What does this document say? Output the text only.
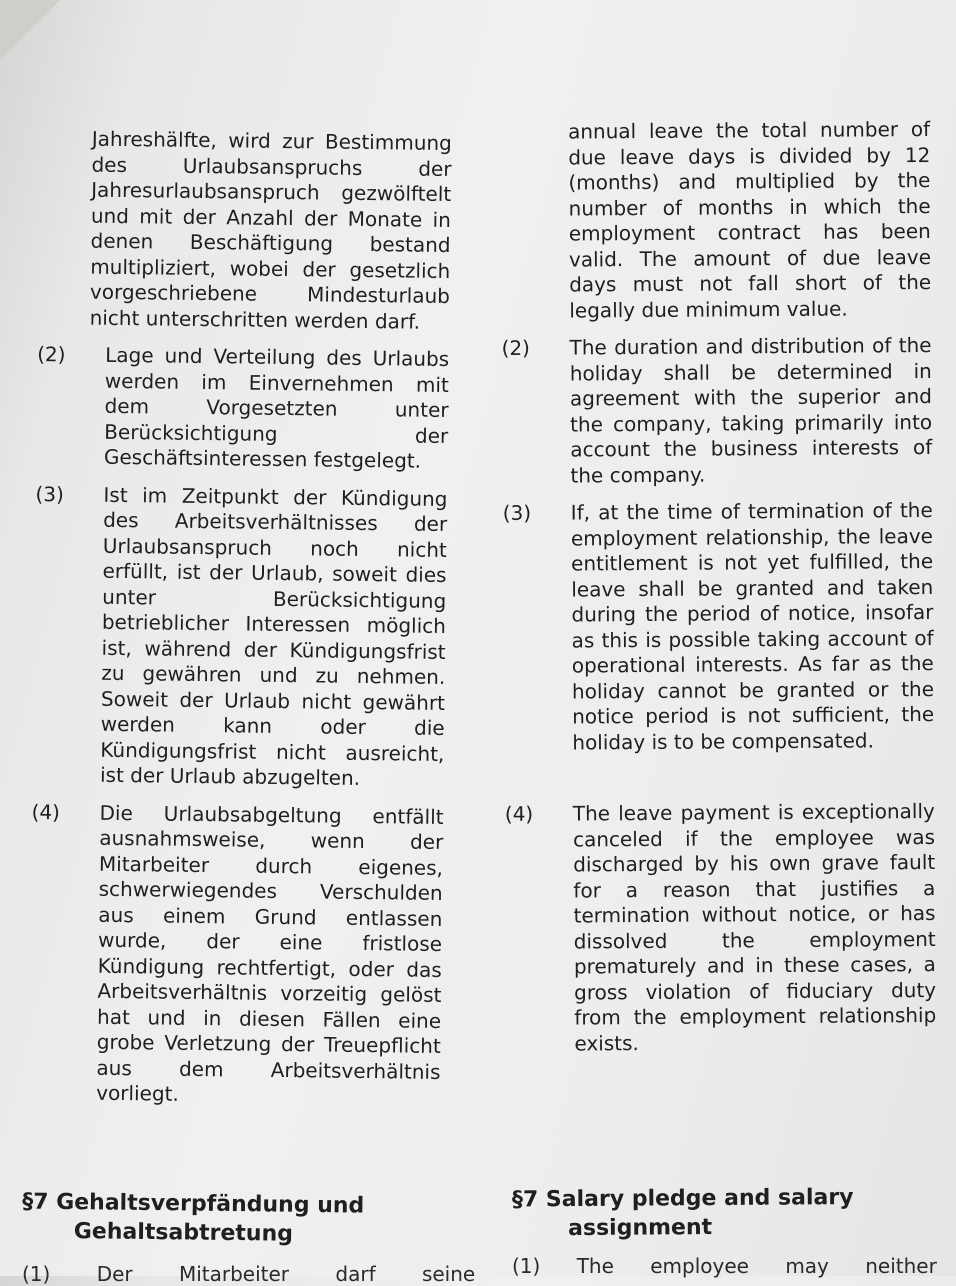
Jahreshälfte, wird zur Bestimmung des Urlaubsanspruchs der Jahresurlaubsanspruch gezwölftelt und mit der Anzahl der Monate in denen Beschäftigung bestand multipliziert, wobei der gesetzlich vorgeschriebene Mindesturlaub nicht unterschritten werden darf.
(2) Lage und Verteilung des Urlaubs werden im Einvernehmen mit dem Vorgesetzten unter Berücksichtigung der Geschäftsinteressen festgelegt.
(3) Ist im Zeitpunkt der Kündigung des Arbeitsverhältnisses der Urlaubsanspruch noch nicht erfüllt, ist der Urlaub, soweit dies unter Berücksichtigung betrieblicher Interessen möglich ist, während der Kündigungsfrist zu gewähren und zu nehmen. Soweit der Urlaub nicht gewährt werden kann oder die Kündigungsfrist nicht ausreicht, ist der Urlaub abzugelten.
(4) Die Urlaubsabgeltung entfällt ausnahmsweise, wenn der Mitarbeiter durch eigenes, schwerwiegendes Verschulden aus einem Grund entlassen wurde, der eine fristlose Kündigung rechtfertigt, oder das Arbeitsverhältnis vorzeitig gelöst hat und in diesen Fällen eine grobe Verletzung der Treuepflicht aus dem Arbeitsverhältnis vorliegt.
annual leave the total number of due leave days is divided by 12 (months) and multiplied by the number of months in which the employment contract has been valid. The amount of due leave days must not fall short of the legally due minimum value.
(2) The duration and distribution of the holiday shall be determined in agreement with the superior and the company, taking primarily into account the business interests of the company.
(3) If, at the time of termination of the employment relationship, the leave entitlement is not yet fulfilled, the leave shall be granted and taken during the period of notice, insofar as this is possible taking account of operational interests. As far as the holiday cannot be granted or the notice period is not sufficient, the holiday is to be compensated.
(4) The leave payment is exceptionally canceled if the employee was discharged by his own grave fault for a reason that justifies a termination without notice, or has dissolved the employment prematurely and in these cases, a gross violation of fiduciary duty from the employment relationship exists.
§7 Gehaltsverpfändung und
Gehaltsabtretung
§7 Salary pledge and salary
assignment
(1) Der Mitarbeiter darf seine (1) The employee may neither
